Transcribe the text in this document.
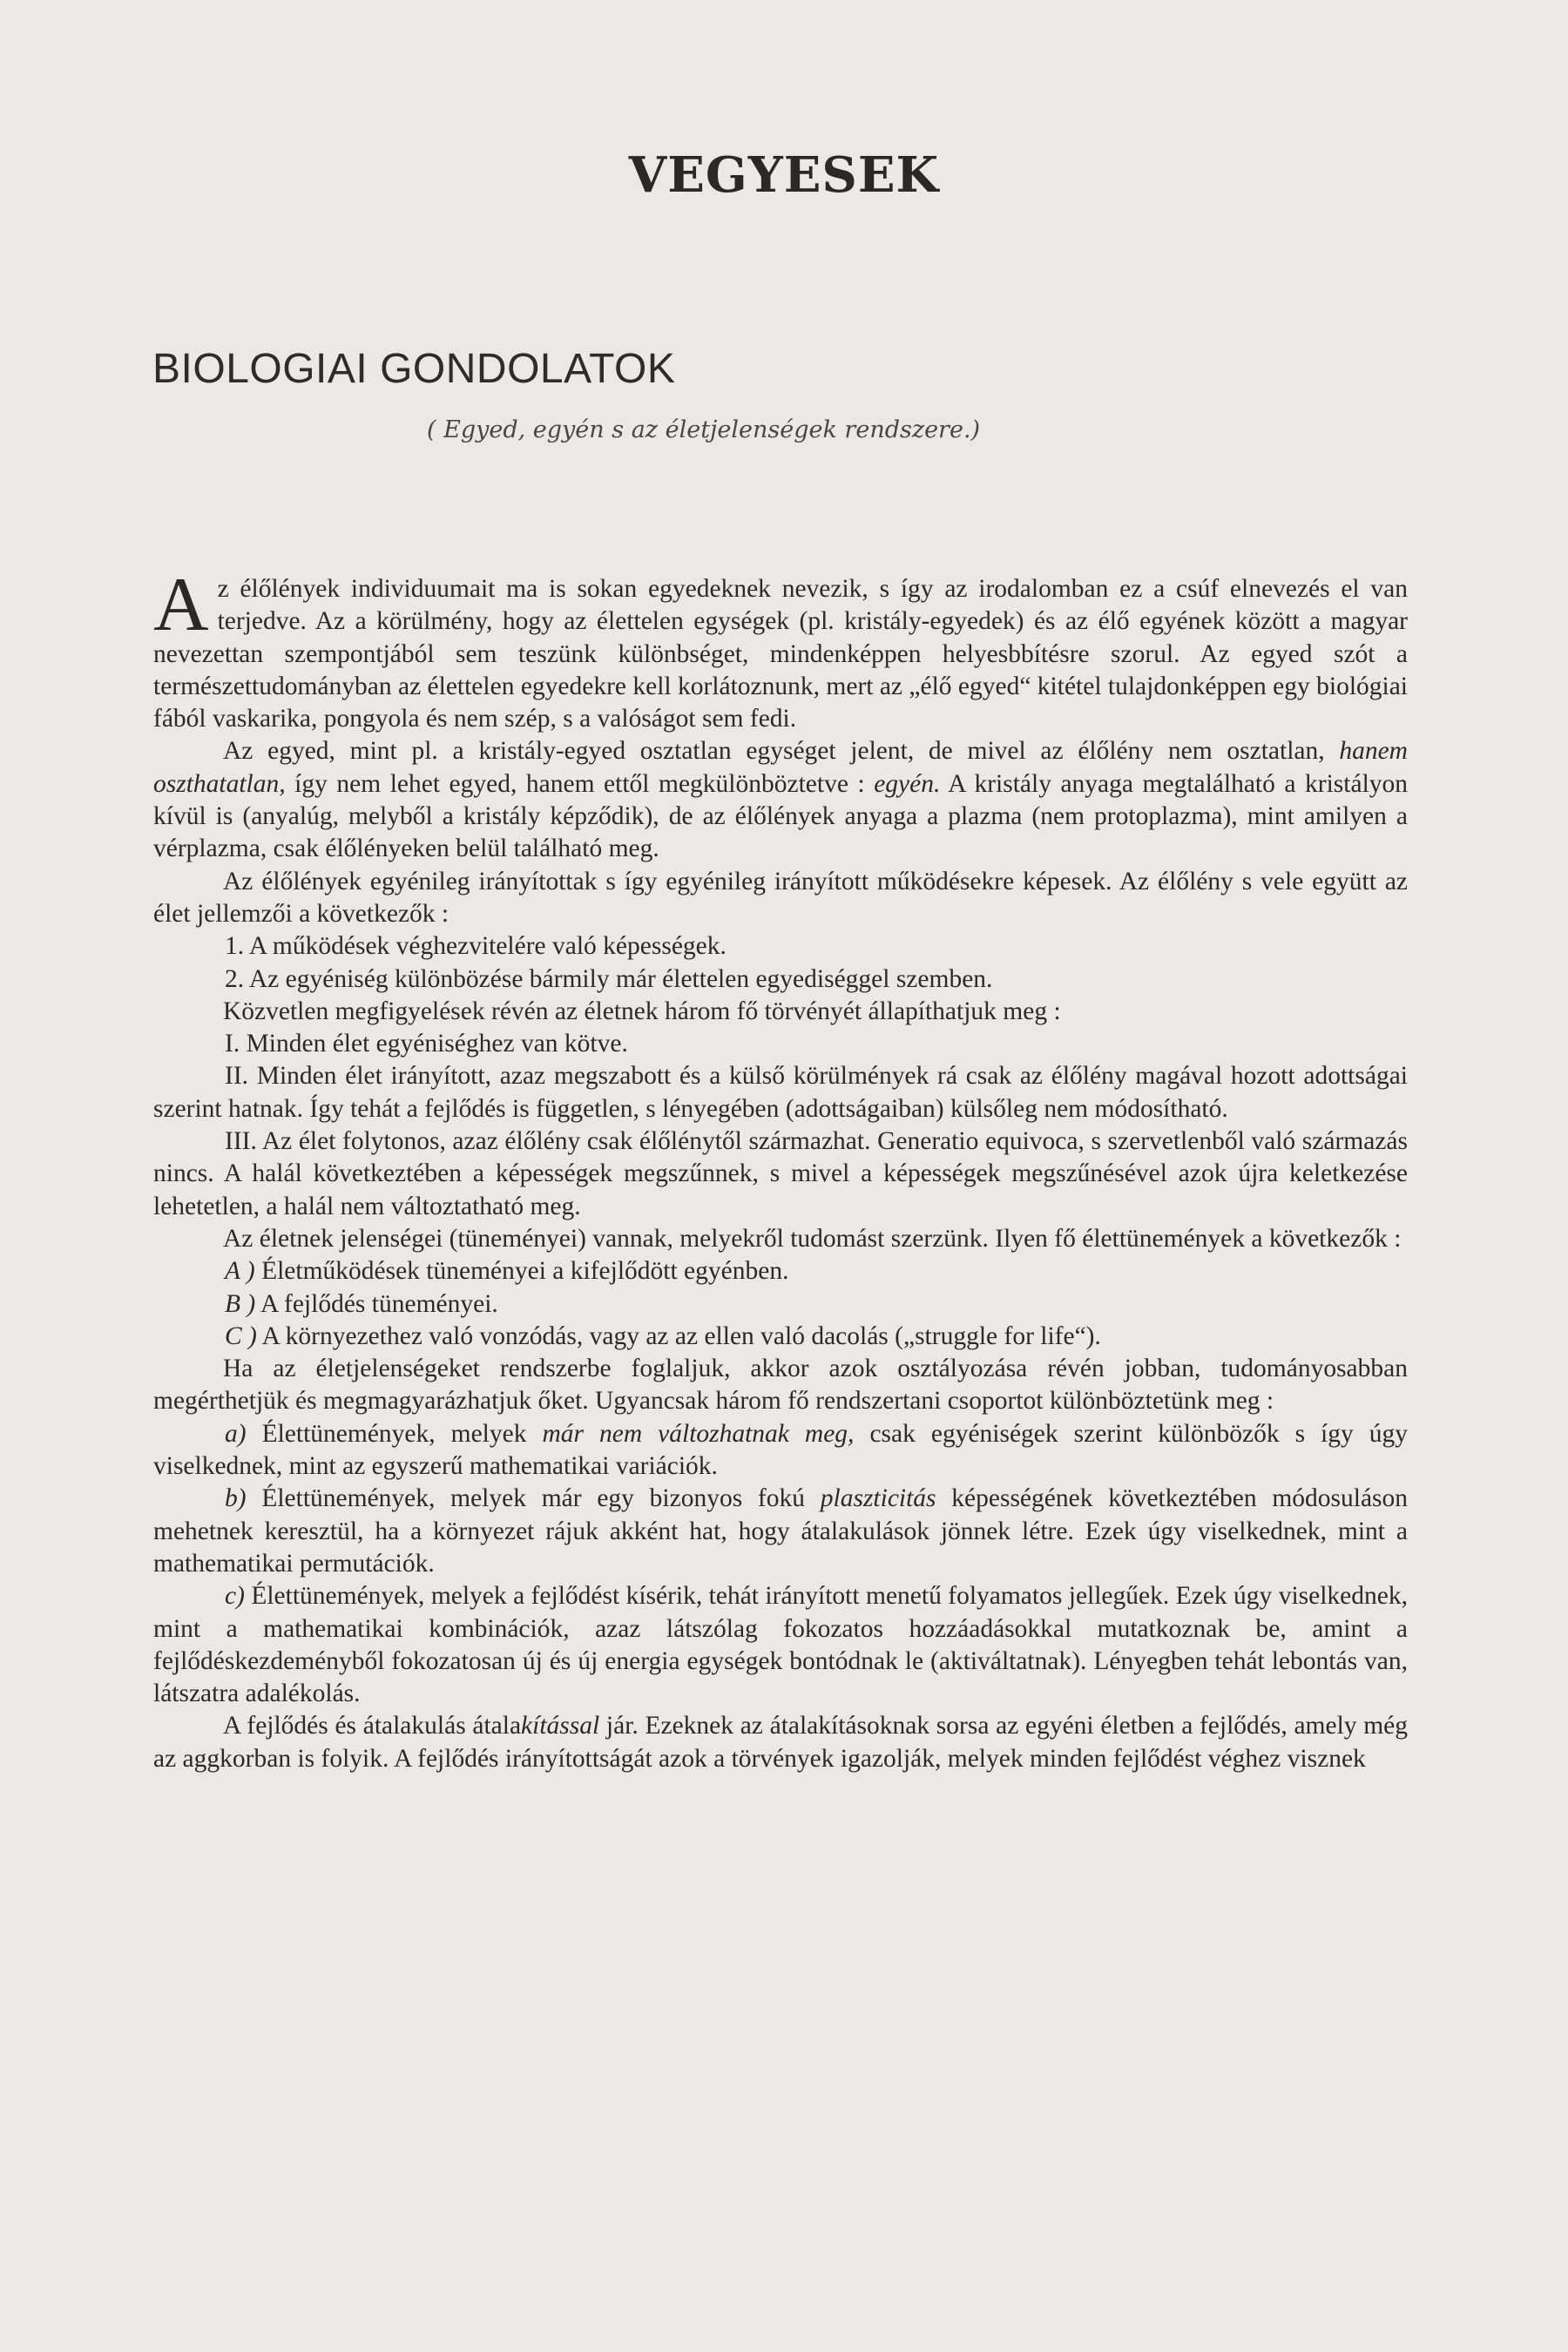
VEGYESEK
BIOLOGIAI GONDOLATOK
( Egyed, egyén s az életjelenségek rendszere.)

Az élőlények individuumait ma is sokan egyedeknek nevezik, s így az irodalomban ez a csúf elnevezés el van terjedve. Az a körülmény, hogy az élettelen egységek (pl. kristály-egyedek) és az élő egyének között a magyar nevezettan szempontjából sem teszünk különbséget, mindenképpen helyesbbítésre szorul. Az egyed szót a természettudományban az élettelen egyedekre kell korlátoznunk, mert az „élő egyed“ kitétel tulajdonképpen egy biológiai fából vaskarika, pongyola és nem szép, s a valóságot sem fedi.

Az egyed, mint pl. a kristály-egyed osztatlan egységet jelent, de mivel az élőlény nem osztatlan, hanem oszthatatlan, így nem lehet egyed, hanem ettől megkülönböztetve : egyén. A kristály anyaga megtalálható a kristályon kívül is (anyalúg, melyből a kristály képződik), de az élőlények anyaga a plazma (nem protoplazma), mint amilyen a vérplazma, csak élőlényeken belül található meg.

Az élőlények egyénileg irányítottak s így egyénileg irányított működésekre képesek. Az élőlény s vele együtt az élet jellemzői a következők :

1. A működések véghezvitelére való képességek.

2. Az egyéniség különbözése bármily már élettelen egyediséggel szemben.

Közvetlen megfigyelések révén az életnek három fő törvényét állapíthatjuk meg :

I. Minden élet egyéniséghez van kötve.

II. Minden élet irányított, azaz megszabott és a külső körülmények rá csak az élőlény magával hozott adottságai szerint hatnak. Így tehát a fejlődés is független, s lényegében (adottságaiban) külsőleg nem módosítható.

III. Az élet folytonos, azaz élőlény csak élőlénytől származhat. Generatio equivoca, s szervetlenből való származás nincs. A halál következtében a képességek megszűnnek, s mivel a képességek megszűnésével azok újra keletkezése lehetetlen, a halál nem változtatható meg.

Az életnek jelenségei (tüneményei) vannak, melyekről tudomást szerzünk. Ilyen fő élettünemények a következők :

A ) Életműködések tüneményei a kifejlődött egyénben.

B ) A fejlődés tüneményei.

C ) A környezethez való vonzódás, vagy az az ellen való dacolás („struggle for life“).

Ha az életjelenségeket rendszerbe foglaljuk, akkor azok osztályozása révén jobban, tudományosabban megérthetjük és megmagyarázhatjuk őket. Ugyancsak három fő rendszertani csoportot különböztetünk meg :

a) Élettünemények, melyek már nem változhatnak meg, csak egyéniségek szerint különbözők s így úgy viselkednek, mint az egyszerű mathematikai variációk.

b) Élettünemények, melyek már egy bizonyos fokú plaszticitás képességének következtében módosuláson mehetnek keresztül, ha a környezet rájuk akként hat, hogy átalakulások jönnek létre. Ezek úgy viselkednek, mint a mathematikai permutációk.

c) Élettünemények, melyek a fejlődést kísérik, tehát irányított menetű folyamatos jellegűek. Ezek úgy viselkednek, mint a mathematikai kombinációk, azaz látszólag fokozatos hozzáadásokkal mutatkoznak be, amint a fejlődéskezdeményből fokozatosan új és új energia egységek bontódnak le (aktiváltatnak). Lényegben tehát lebontás van, látszatra adalékolás.

A fejlődés és átalakulás átalakítással jár. Ezeknek az átalakításoknak sorsa az egyéni életben a fejlődés, amely még az aggkorban is folyik. A fejlődés irányítottságát azok a törvények igazolják, melyek minden fejlődést véghez visznek
